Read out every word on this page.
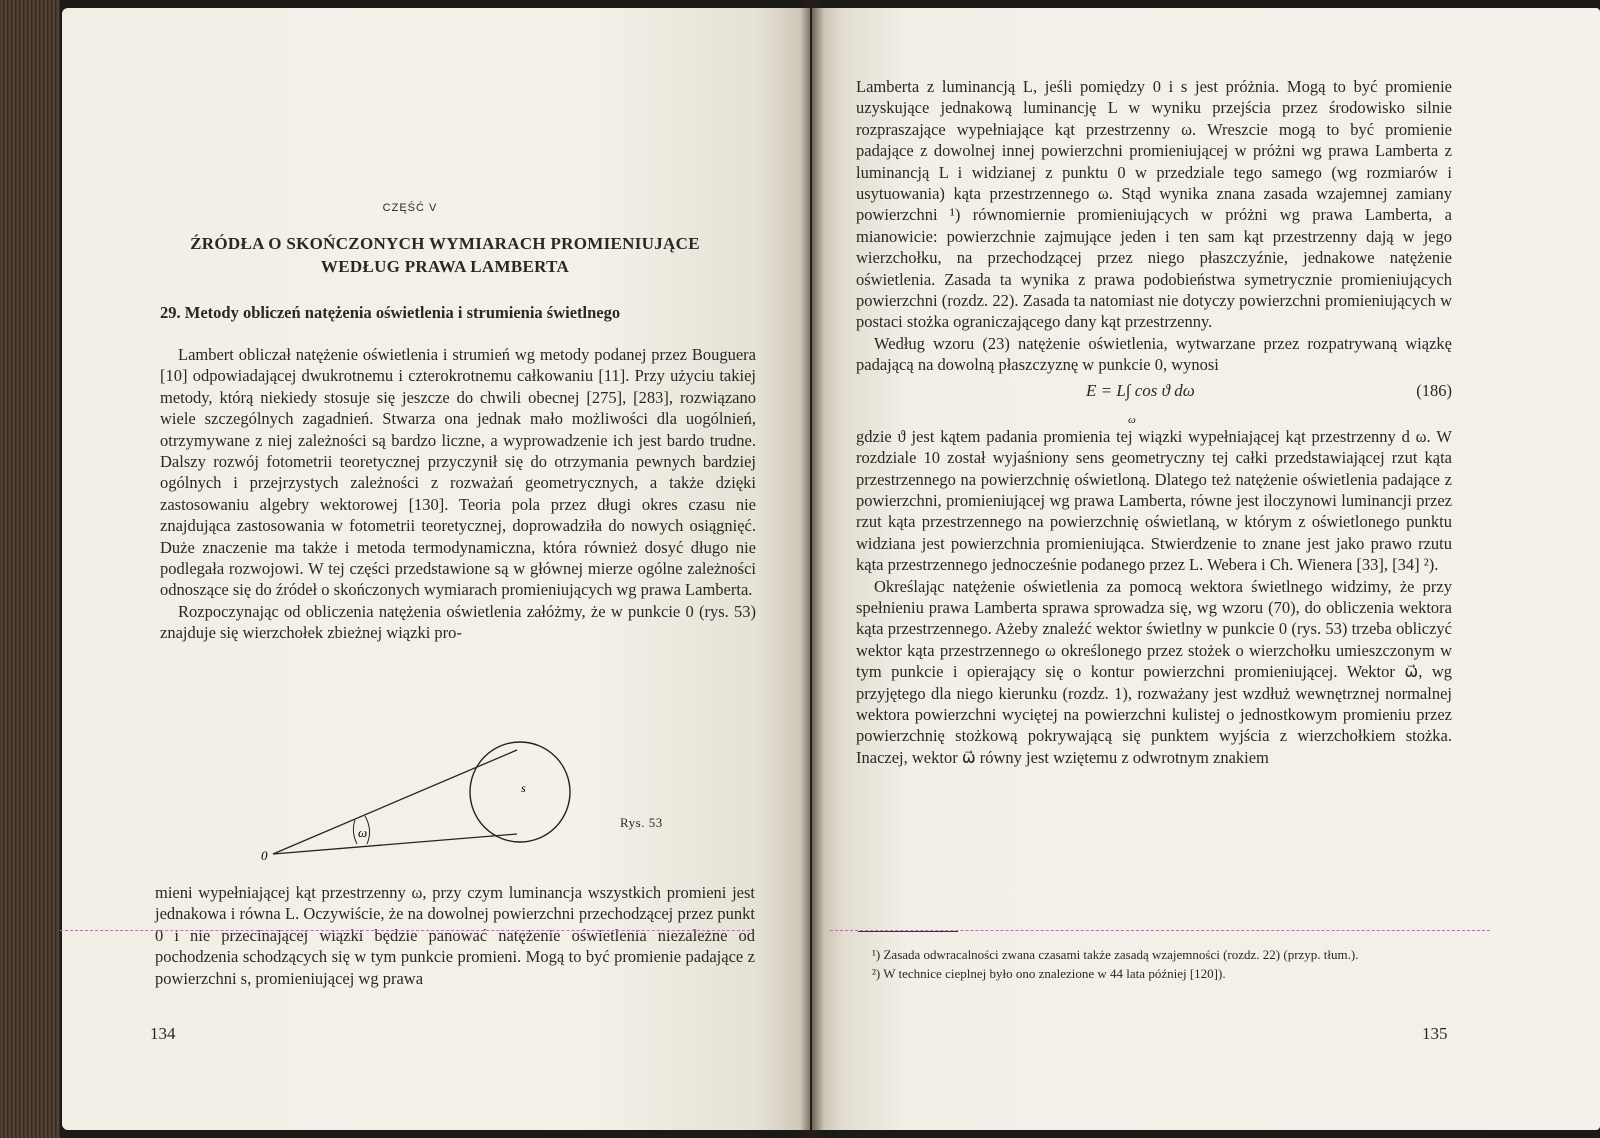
CZĘŚĆ V
ŹRÓDŁA O SKOŃCZONYCH WYMIARACH PROMIENIUJĄCE
WEDŁUG PRAWA LAMBERTA
29. Metody obliczeń natężenia oświetlenia i strumienia świetlnego

Lambert obliczał natężenie oświetlenia i strumień wg metody podanej przez Bouguera [10] odpowiadającej dwukrotnemu i czterokrotnemu całkowaniu [11]. Przy użyciu takiej metody, którą niekiedy stosuje się jeszcze do chwili obecnej [275], [283], rozwiązano wiele szczególnych zagadnień. Stwarza ona jednak mało możliwości dla uogólnień, otrzymywane z niej zależności są bardzo liczne, a wyprowadzenie ich jest bardo trudne. Dalszy rozwój fotometrii teoretycznej przyczynił się do otrzymania pewnych bardziej ogólnych i przejrzystych zależności z rozważań geometrycznych, a także dzięki zastosowaniu algebry wektorowej [130]. Teoria pola przez długi okres czasu nie znajdująca zastosowania w fotometrii teoretycznej, doprowadziła do nowych osiągnięć. Duże znaczenie ma także i metoda termodynamiczna, która również dosyć długo nie podlegała rozwojowi. W tej części przedstawione są w głównej mierze ogólne zależności odnoszące się do źródeł o skończonych wymiarach promieniujących wg prawa Lamberta.

Rozpoczynając od obliczenia natężenia oświetlenia załóżmy, że w punkcie 0 (rys. 53) znajduje się wierzchołek zbieżnej wiązki pro-

ω
s
0
Rys. 53

mieni wypełniającej kąt przestrzenny ω, przy czym luminancja wszystkich promieni jest jednakowa i równa L. Oczywiście, że na dowolnej powierzchni przechodzącej przez punkt 0 i nie przecinającej wiązki będzie panować natężenie oświetlenia niezależne od pochodzenia schodzących się w tym punkcie promieni. Mogą to być promienie padające z powierzchni s, promieniującej wg prawa

134

Lamberta z luminancją L, jeśli pomiędzy 0 i s jest próżnia. Mogą to być promienie uzyskujące jednakową luminancję L w wyniku przejścia przez środowisko silnie rozpraszające wypełniające kąt przestrzenny ω. Wreszcie mogą to być promienie padające z dowolnej innej powierzchni promieniującej w próżni wg prawa Lamberta z luminancją L i widzianej z punktu 0 w przedziale tego samego (wg rozmiarów i usytuowania) kąta przestrzennego ω. Stąd wynika znana zasada wzajemnej zamiany powierzchni ¹) równomiernie promieniujących w próżni wg prawa Lamberta, a mianowicie: powierzchnie zajmujące jeden i ten sam kąt przestrzenny dają w jego wierzchołku, na przechodzącej przez niego płaszczyźnie, jednakowe natężenie oświetlenia. Zasada ta wynika z prawa podobieństwa symetrycznie promieniujących powierzchni (rozdz. 22). Zasada ta natomiast nie dotyczy powierzchni promieniujących w postaci stożka ograniczającego dany kąt przestrzenny.

Według wzoru (23) natężenie oświetlenia, wytwarzane przez rozpatrywaną wiązkę padającą na dowolną płaszczyznę w punkcie 0, wynosi

E = L∫ cos ϑ dω
ω
(186)

gdzie ϑ jest kątem padania promienia tej wiązki wypełniającej kąt przestrzenny d ω. W rozdziale 10 został wyjaśniony sens geometryczny tej całki przedstawiającej rzut kąta przestrzennego na powierzchnię oświetloną. Dlatego też natężenie oświetlenia padające z powierzchni, promieniującej wg prawa Lamberta, równe jest iloczynowi luminancji przez rzut kąta przestrzennego na powierzchnię oświetlaną, w którym z oświetlonego punktu widziana jest powierzchnia promieniująca. Stwierdzenie to znane jest jako prawo rzutu kąta przestrzennego jednocześnie podanego przez L. Webera i Ch. Wienera [33], [34] ²).

Określając natężenie oświetlenia za pomocą wektora świetlnego widzimy, że przy spełnieniu prawa Lamberta sprawa sprowadza się, wg wzoru (70), do obliczenia wektora kąta przestrzennego. Ażeby znaleźć wektor świetlny w punkcie 0 (rys. 53) trzeba obliczyć wektor kąta przestrzennego ω określonego przez stożek o wierzchołku umieszczonym w tym punkcie i opierający się o kontur powierzchni promieniującej. Wektor ω⃗, wg przyjętego dla niego kierunku (rozdz. 1), rozważany jest wzdłuż wewnętrznej normalnej wektora powierzchni wyciętej na powierzchni kulistej o jednostkowym promieniu przez powierzchnię stożkową pokrywającą się punktem wyjścia z wierzchołkiem stożka. Inaczej, wektor ω⃗ równy jest wziętemu z odwrotnym znakiem

¹) Zasada odwracalności zwana czasami także zasadą wzajemności (rozdz. 22) (przyp. tłum.).

²) W technice cieplnej było ono znalezione w 44 lata później [120]).

135
